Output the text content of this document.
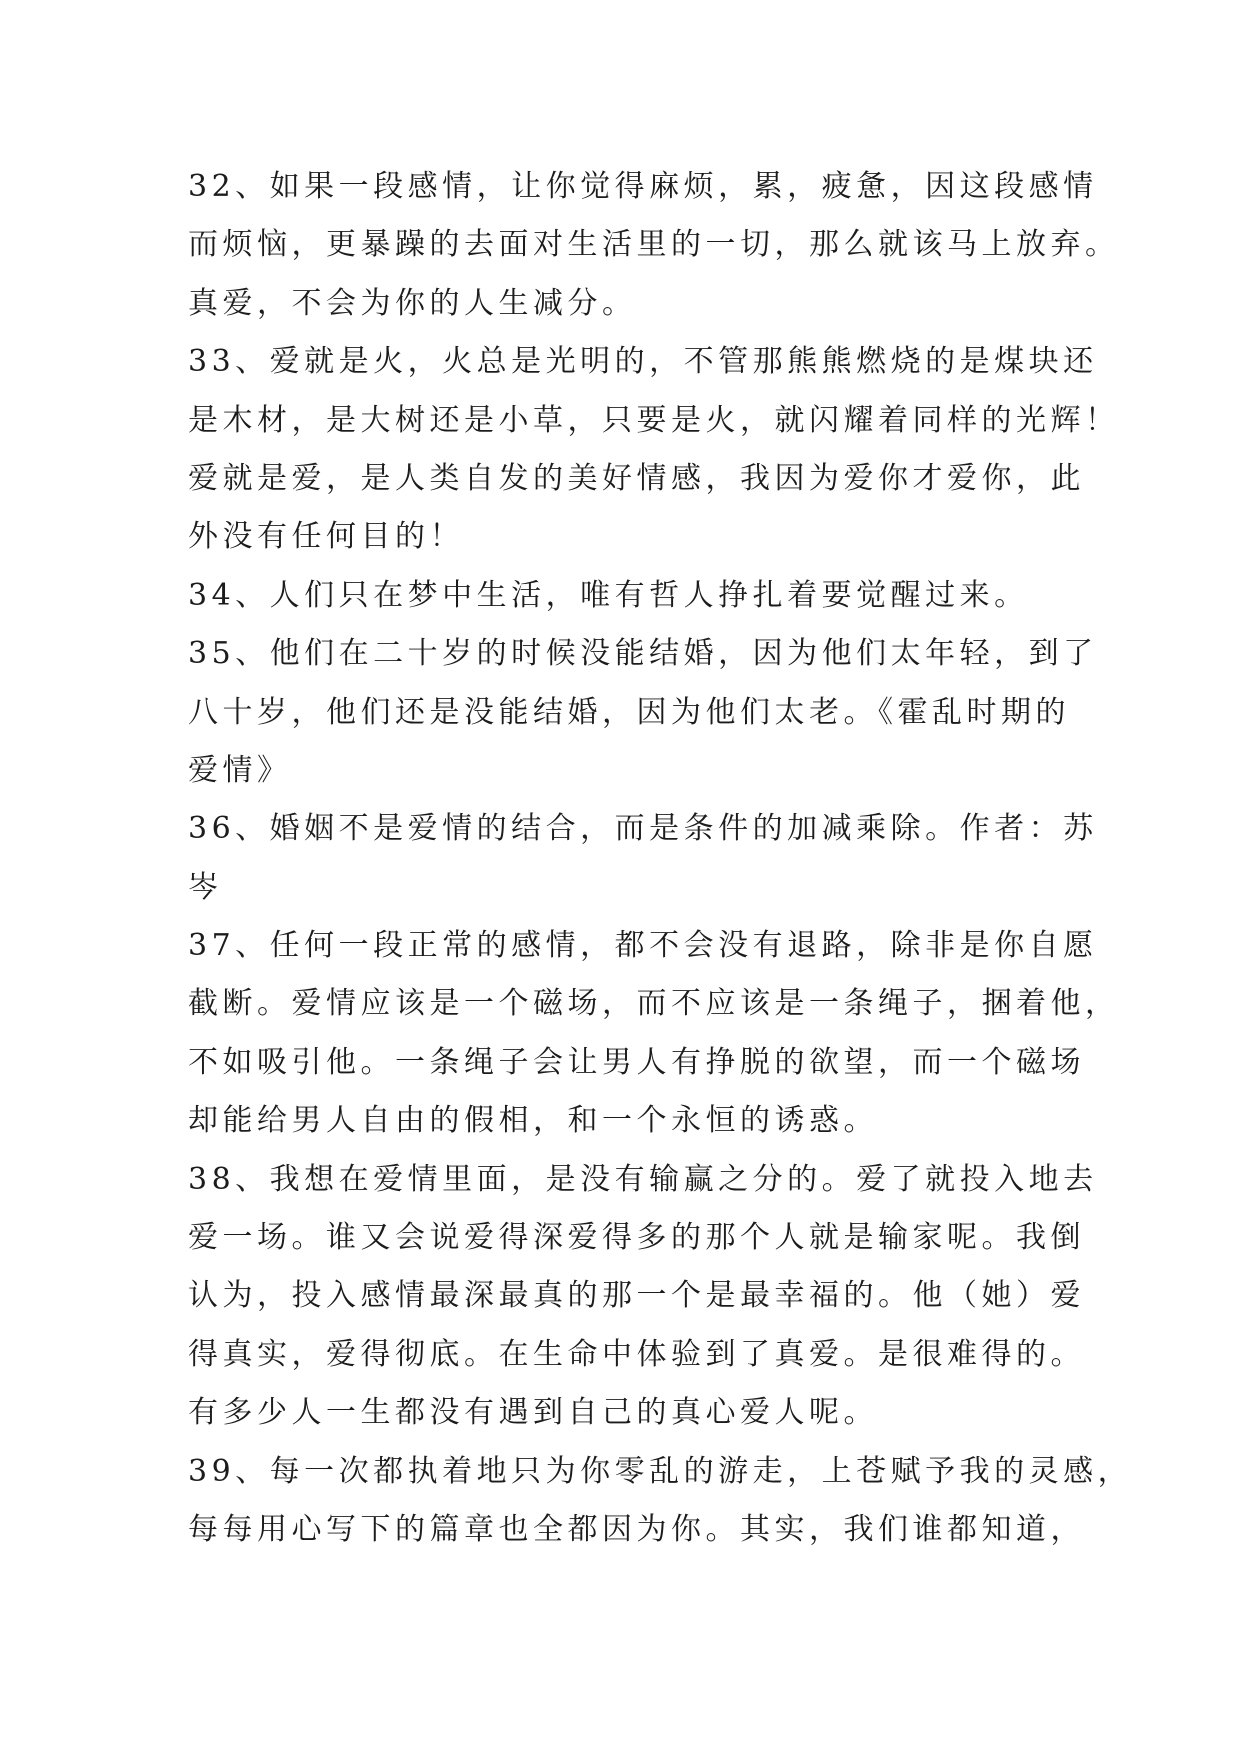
32、如果一段感情，让你觉得麻烦，累，疲惫，因这段感情
而烦恼，更暴躁的去面对生活里的一切，那么就该马上放弃。
真爱，不会为你的人生减分。
33、爱就是火，火总是光明的，不管那熊熊燃烧的是煤块还
是木材，是大树还是小草，只要是火，就闪耀着同样的光辉！
爱就是爱，是人类自发的美好情感，我因为爱你才爱你，此
外没有任何目的！
34、人们只在梦中生活，唯有哲人挣扎着要觉醒过来。
35、他们在二十岁的时候没能结婚，因为他们太年轻，到了
八十岁，他们还是没能结婚，因为他们太老。《霍乱时期的
爱情》
36、婚姻不是爱情的结合，而是条件的加减乘除。作者：苏
岑
37、任何一段正常的感情，都不会没有退路，除非是你自愿
截断。爱情应该是一个磁场，而不应该是一条绳子，捆着他，
不如吸引他。一条绳子会让男人有挣脱的欲望，而一个磁场
却能给男人自由的假相，和一个永恒的诱惑。
38、我想在爱情里面，是没有输赢之分的。爱了就投入地去
爱一场。谁又会说爱得深爱得多的那个人就是输家呢。我倒
认为，投入感情最深最真的那一个是最幸福的。他（她）爱
得真实，爱得彻底。在生命中体验到了真爱。是很难得的。
有多少人一生都没有遇到自己的真心爱人呢。
39、每一次都执着地只为你零乱的游走，上苍赋予我的灵感，
每每用心写下的篇章也全都因为你。其实，我们谁都知道，
